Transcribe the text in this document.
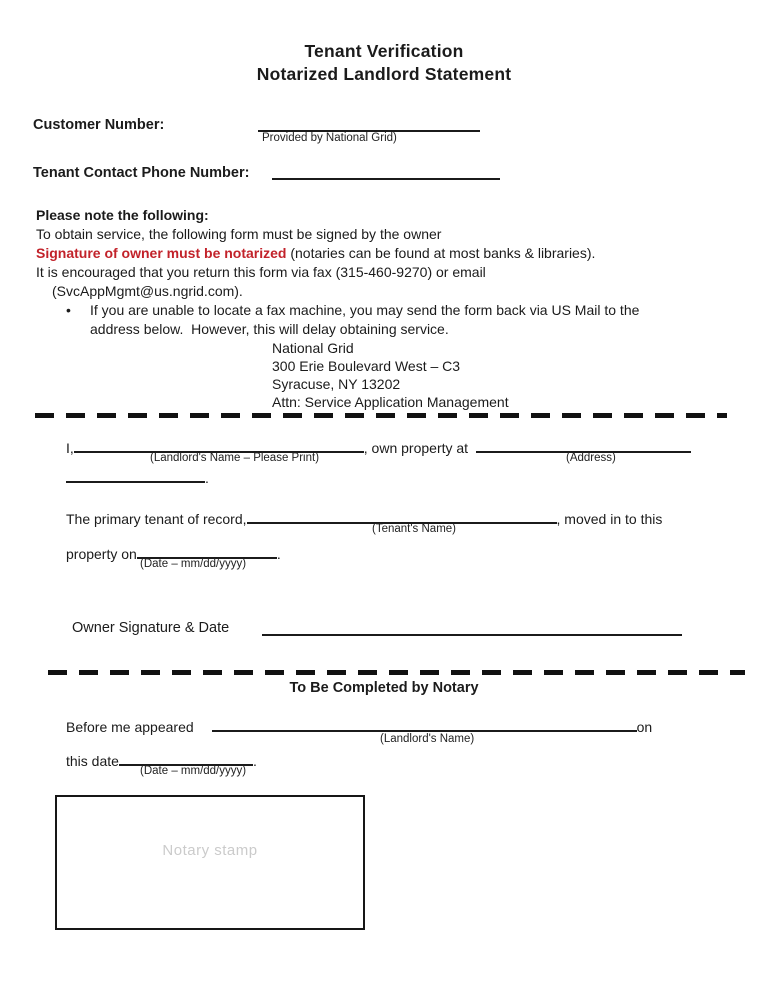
Tenant Verification
Notarized Landlord Statement
Customer Number:
Provided by National Grid)
Tenant Contact Phone Number:
Please note the following:
To obtain service, the following form must be signed by the owner
Signature of owner must be notarized (notaries can be found at most banks & libraries).
It is encouraged that you return this form via fax (315-460-9270) or email
(SvcAppMgmt@us.ngrid.com).
•	If you are unable to locate a fax machine, you may send the form back via US Mail to the address below.  However, this will delay obtaining service.
National Grid
300 Erie Boulevard West – C3
Syracuse, NY 13202
Attn: Service Application Management
I,	, own property at
(Landlord's Name – Please Print)	(Address)
.
The primary tenant of record,	, moved in to this
(Tenant's Name)
property on	.
(Date – mm/dd/yyyy)
Owner Signature & Date
To Be Completed by Notary
Before me appeared	on
(Landlord's Name)
this date	.
(Date – mm/dd/yyyy)
Notary stamp
